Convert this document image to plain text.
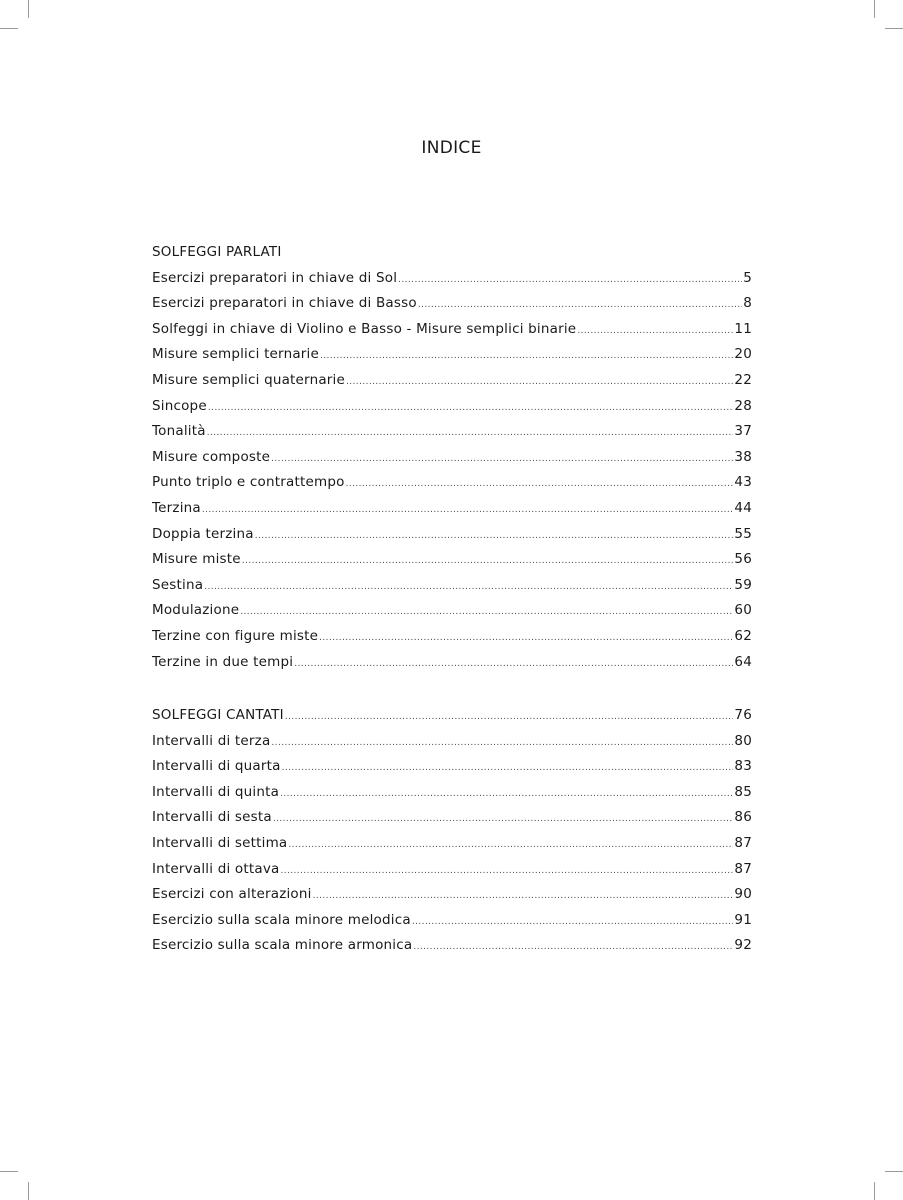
INDICE
SOLFEGGI PARLATI
Esercizi preparatori in chiave di Sol .....	5
Esercizi preparatori in chiave di Basso .....	8
Solfeggi in chiave di Violino e Basso - Misure semplici binarie .....	11
Misure semplici ternarie .....	20
Misure semplici quaternarie .....	22
Sincope .....	28
Tonalità .....	37
Misure composte .....	38
Punto triplo e contrattempo .....	43
Terzina .....	44
Doppia terzina .....	55
Misure miste .....	56
Sestina .....	59
Modulazione .....	60
Terzine con figure miste .....	62
Terzine in due tempi .....	64
SOLFEGGI CANTATI .....	76
Intervalli di terza .....	80
Intervalli di quarta .....	83
Intervalli di quinta .....	85
Intervalli di sesta .....	86
Intervalli di settima .....	87
Intervalli di ottava .....	87
Esercizi con alterazioni .....	90
Esercizio sulla scala minore melodica .....	91
Esercizio sulla scala minore armonica .....	92
